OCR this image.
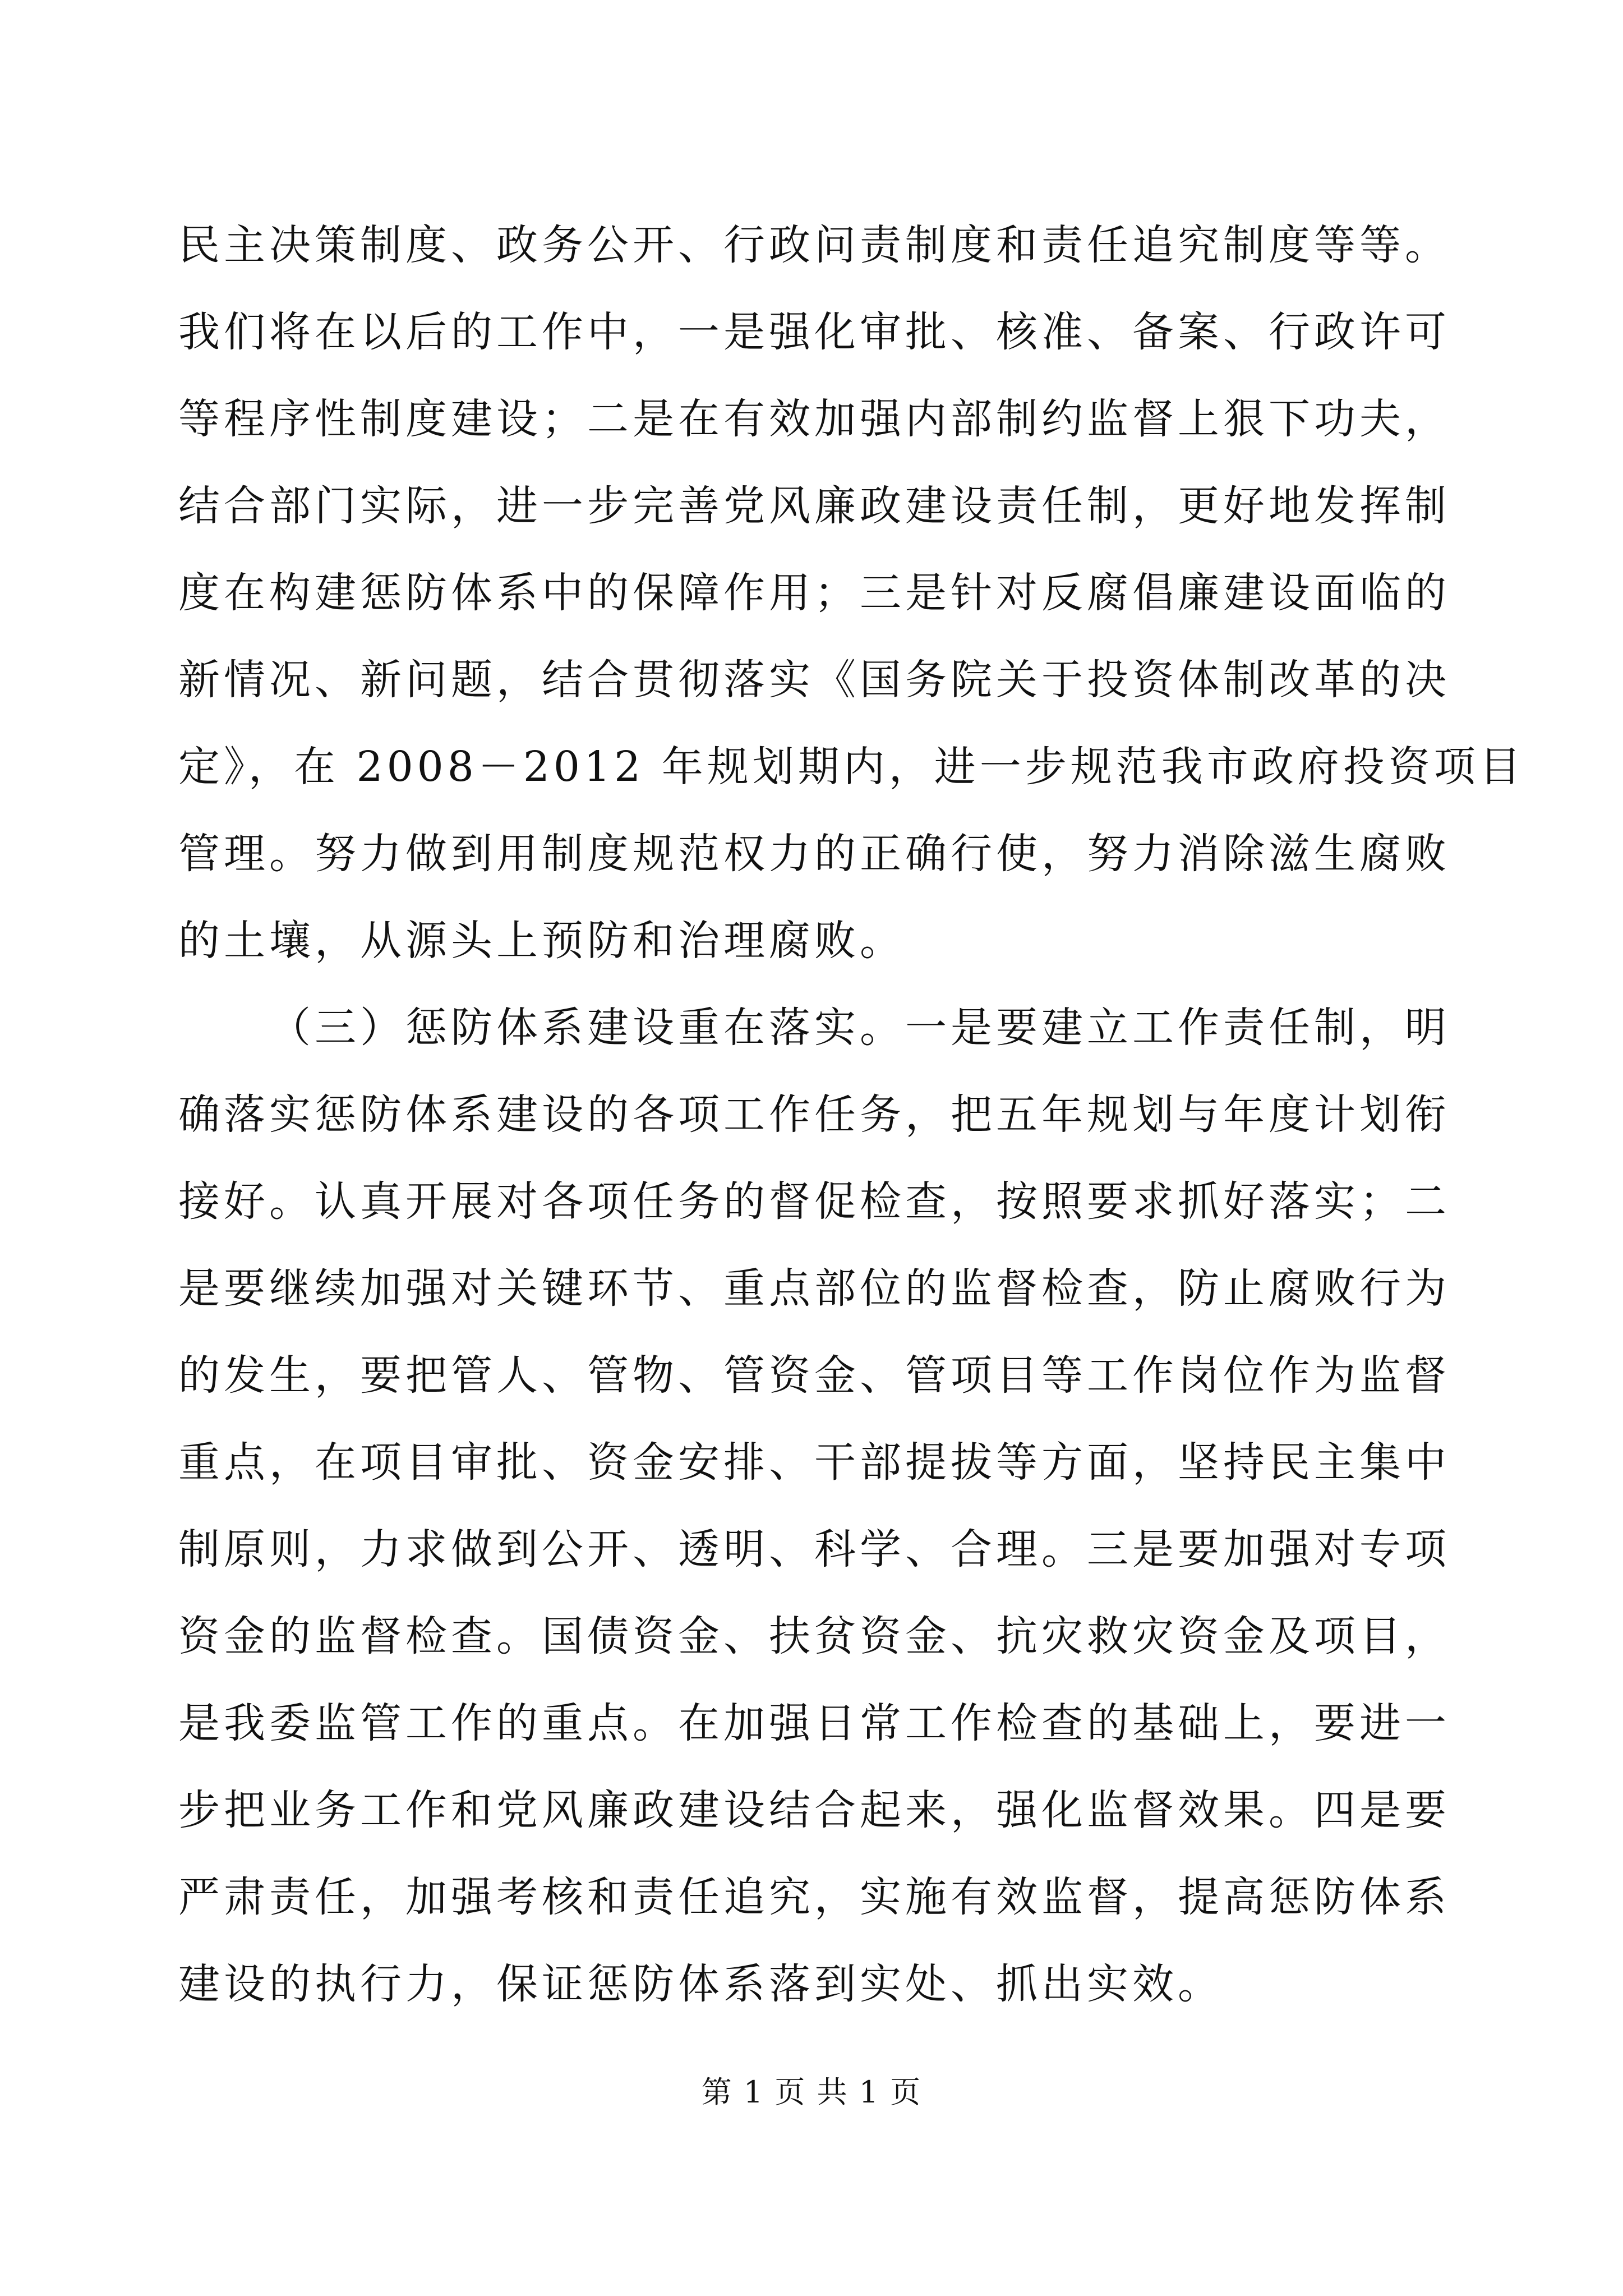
民主决策制度、政务公开、行政问责制度和责任追究制度等等。
我们将在以后的工作中，一是强化审批、核准、备案、行政许可
等程序性制度建设；二是在有效加强内部制约监督上狠下功夫，
结合部门实际，进一步完善党风廉政建设责任制，更好地发挥制
度在构建惩防体系中的保障作用；三是针对反腐倡廉建设面临的
新情况、新问题，结合贯彻落实《国务院关于投资体制改革的决
定》，在 2008－2012 年规划期内，进一步规范我市政府投资项目
管理。努力做到用制度规范权力的正确行使，努力消除滋生腐败
的土壤，从源头上预防和治理腐败。
（三）惩防体系建设重在落实。一是要建立工作责任制，明
确落实惩防体系建设的各项工作任务，把五年规划与年度计划衔
接好。认真开展对各项任务的督促检查，按照要求抓好落实；二
是要继续加强对关键环节、重点部位的监督检查，防止腐败行为
的发生，要把管人、管物、管资金、管项目等工作岗位作为监督
重点，在项目审批、资金安排、干部提拔等方面，坚持民主集中
制原则，力求做到公开、透明、科学、合理。三是要加强对专项
资金的监督检查。国债资金、扶贫资金、抗灾救灾资金及项目，
是我委监管工作的重点。在加强日常工作检查的基础上，要进一
步把业务工作和党风廉政建设结合起来，强化监督效果。四是要
严肃责任，加强考核和责任追究，实施有效监督，提高惩防体系
建设的执行力，保证惩防体系落到实处、抓出实效。
第 1 页 共 1 页
